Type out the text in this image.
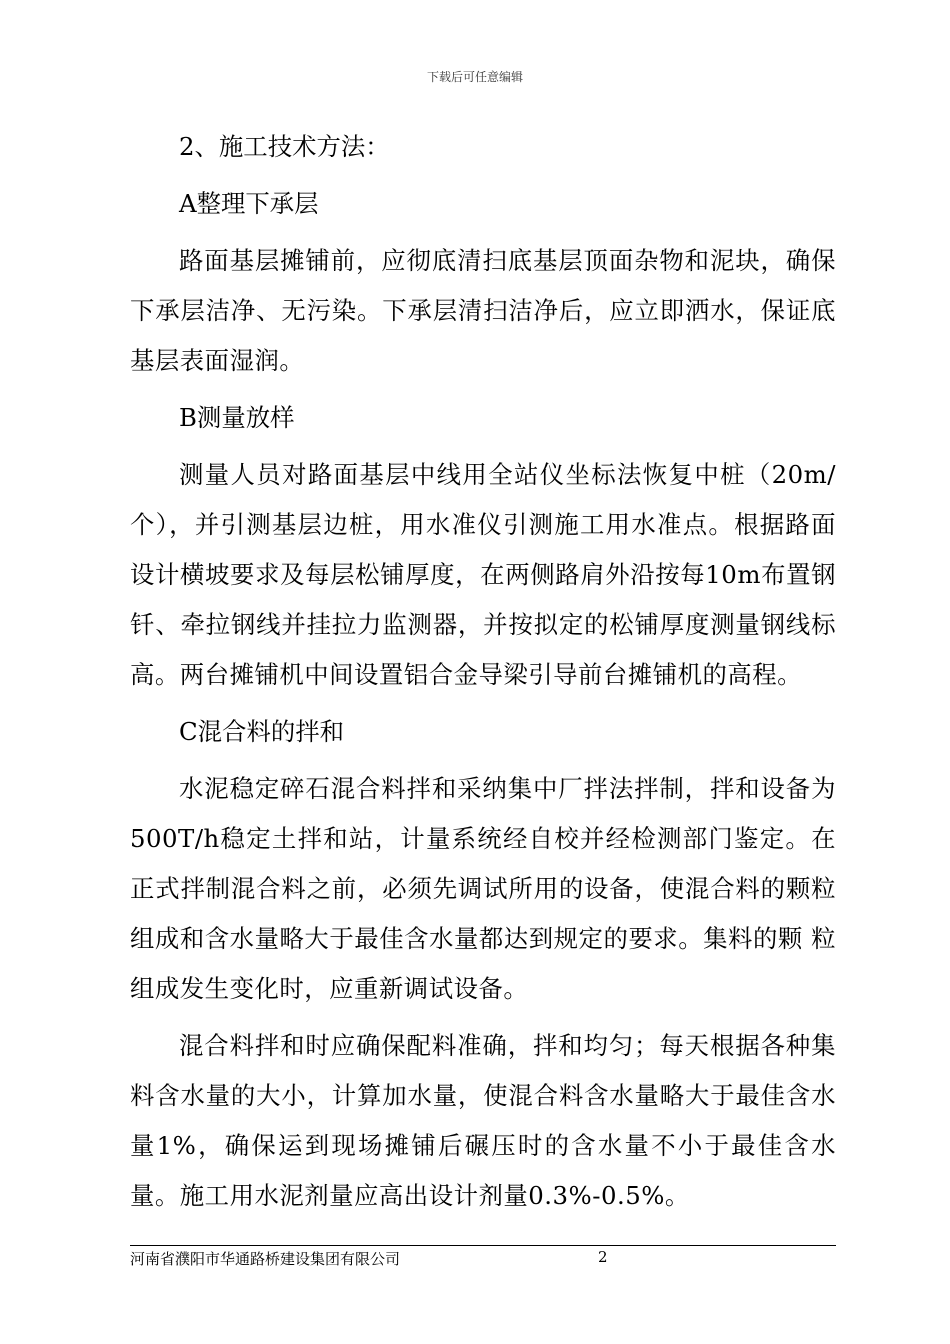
下载后可任意编辑

2、施工技术方法：

A整理下承层

路面基层摊铺前，应彻底清扫底基层顶面杂物和泥块，确保下承层洁净、无污染。下承层清扫洁净后，应立即洒水，保证底基层表面湿润。

B测量放样

测量人员对路面基层中线用全站仪坐标法恢复中桩（20m/个），并引测基层边桩，用水准仪引测施工用水准点。根据路面设计横坡要求及每层松铺厚度，在两侧路肩外沿按每10m布置钢钎、牵拉钢线并挂拉力监测器，并按拟定的松铺厚度测量钢线标高。两台摊铺机中间设置铝合金导梁引导前台摊铺机的高程。

C混合料的拌和

水泥稳定碎石混合料拌和采纳集中厂拌法拌制，拌和设备为500T/h稳定土拌和站，计量系统经自校并经检测部门鉴定。在正式拌制混合料之前，必须先调试所用的设备，使混合料的颗粒组成和含水量略大于最佳含水量都达到规定的要求。集料的颗 粒组成发生变化时，应重新调试设备。

混合料拌和时应确保配料准确，拌和均匀；每天根据各种集料含水量的大小，计算加水量，使混合料含水量略大于最佳含水量1%，确保运到现场摊铺后碾压时的含水量不小于最佳含水量。施工用水泥剂量应高出设计剂量0.3%-0.5%。

河南省濮阳市华通路桥建设集团有限公司	2
